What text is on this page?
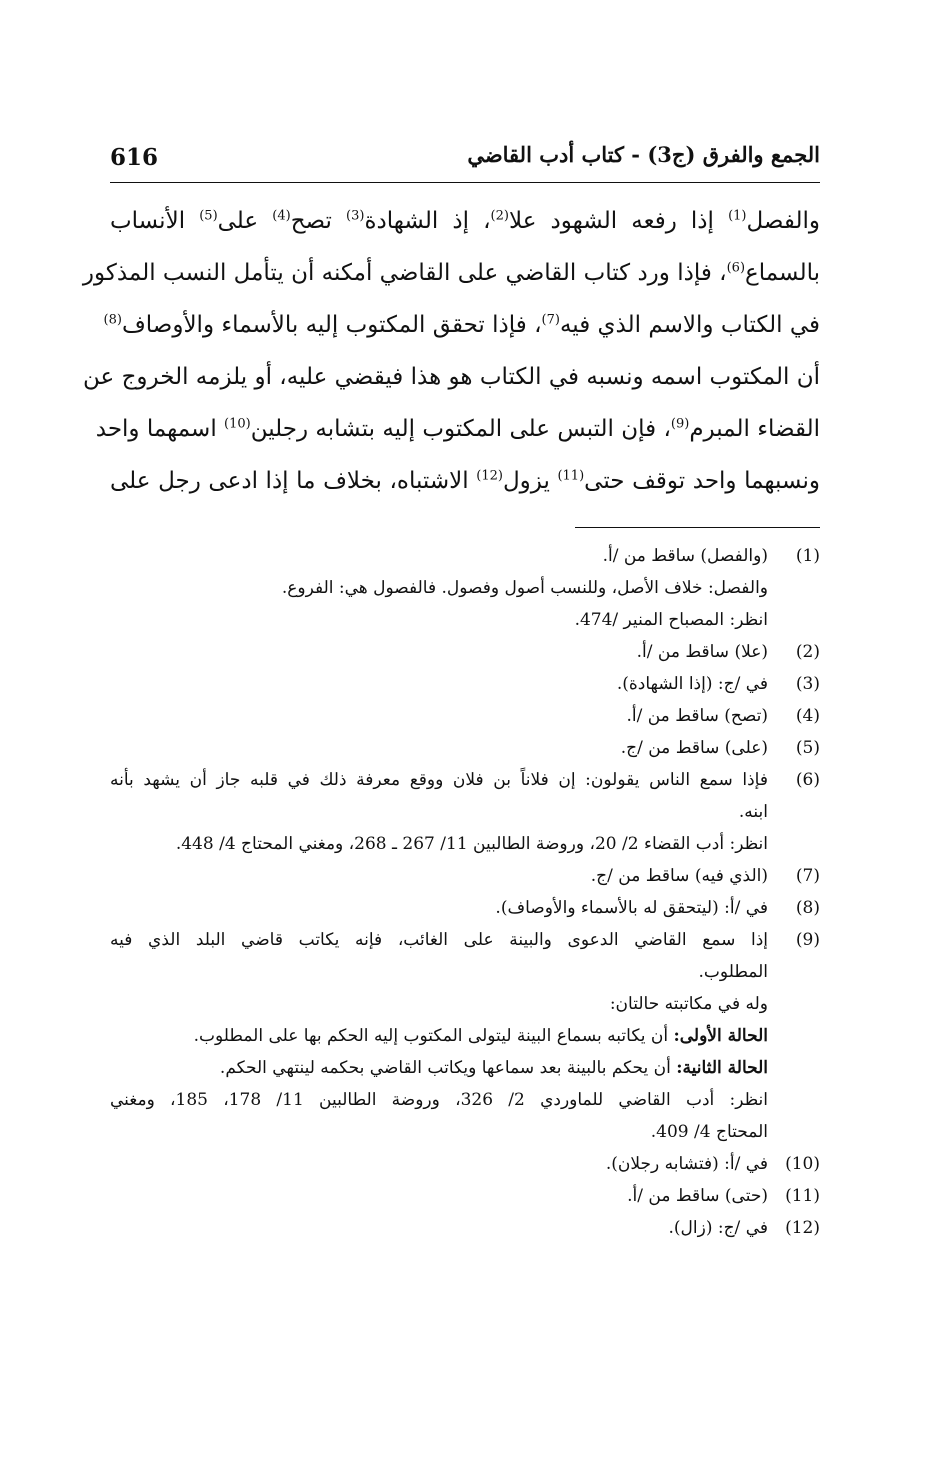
616	الجمع والفرق (ج3) - كتاب أدب القاضي
والفصل$^{(1)}$ إذا رفعه الشهود علا$^{(2)}$، إذ الشهادة$^{(3)}$ تصح$^{(4)}$ على$^{(5)}$ الأنساب
بالسماع$^{(6)}$، فإذا ورد كتاب القاضي على القاضي أمكنه أن يتأمل النسب المذكور
في الكتاب والاسم الذي فيه$^{(7)}$، فإذا تحقق المكتوب إليه بالأسماء والأوصاف$^{(8)}$
أن المكتوب اسمه ونسبه في الكتاب هو هذا فيقضي عليه، أو يلزمه الخروج عن
القضاء المبرم$^{(9)}$، فإن التبس على المكتوب إليه بتشابه رجلين$^{(10)}$ اسمهما واحد
ونسبهما واحد توقف حتى$^{(11)}$ يزول$^{(12)}$ الاشتباه، بخلاف ما إذا ادعى رجل على
(1)(والفصل) ساقط من /أ.
والفصل: خلاف الأصل، وللنسب أصول وفصول. فالفصول هي: الفروع.
انظر: المصباح المنير /474.
(2)(علا) ساقط من /أ.
(3)في /ج: (إذا الشهادة).
(4)(تصح) ساقط من /أ.
(5)(على) ساقط من /ج.
(6)فإذا سمع الناس يقولون: إن فلاناً بن فلان ووقع معرفة ذلك في قلبه جاز أن يشهد بأنه
ابنه.
انظر: أدب القضاء 2/ 20، وروضة الطالبين 11/ 267 ـ 268، ومغني المحتاج 4/ 448.
(7)(الذي فيه) ساقط من /ج.
(8)في /أ: (ليتحقق له بالأسماء والأوصاف).
(9)إذا سمع القاضي الدعوى والبينة على الغائب، فإنه يكاتب قاضي البلد الذي فيه
المطلوب.
وله في مكاتبته حالتان:
الحالة الأولى: أن يكاتبه بسماع البينة ليتولى المكتوب إليه الحكم بها على المطلوب.
الحالة الثانية: أن يحكم بالبينة بعد سماعها ويكاتب القاضي بحكمه لينتهي الحكم.
انظر: أدب القاضي للماوردي 2/ 326، وروضة الطالبين 11/ 178، 185، ومغني
المحتاج 4/ 409.
(10)في /أ: (فتشابه رجلان).
(11)(حتى) ساقط من /أ.
(12)في /ج: (زال).
